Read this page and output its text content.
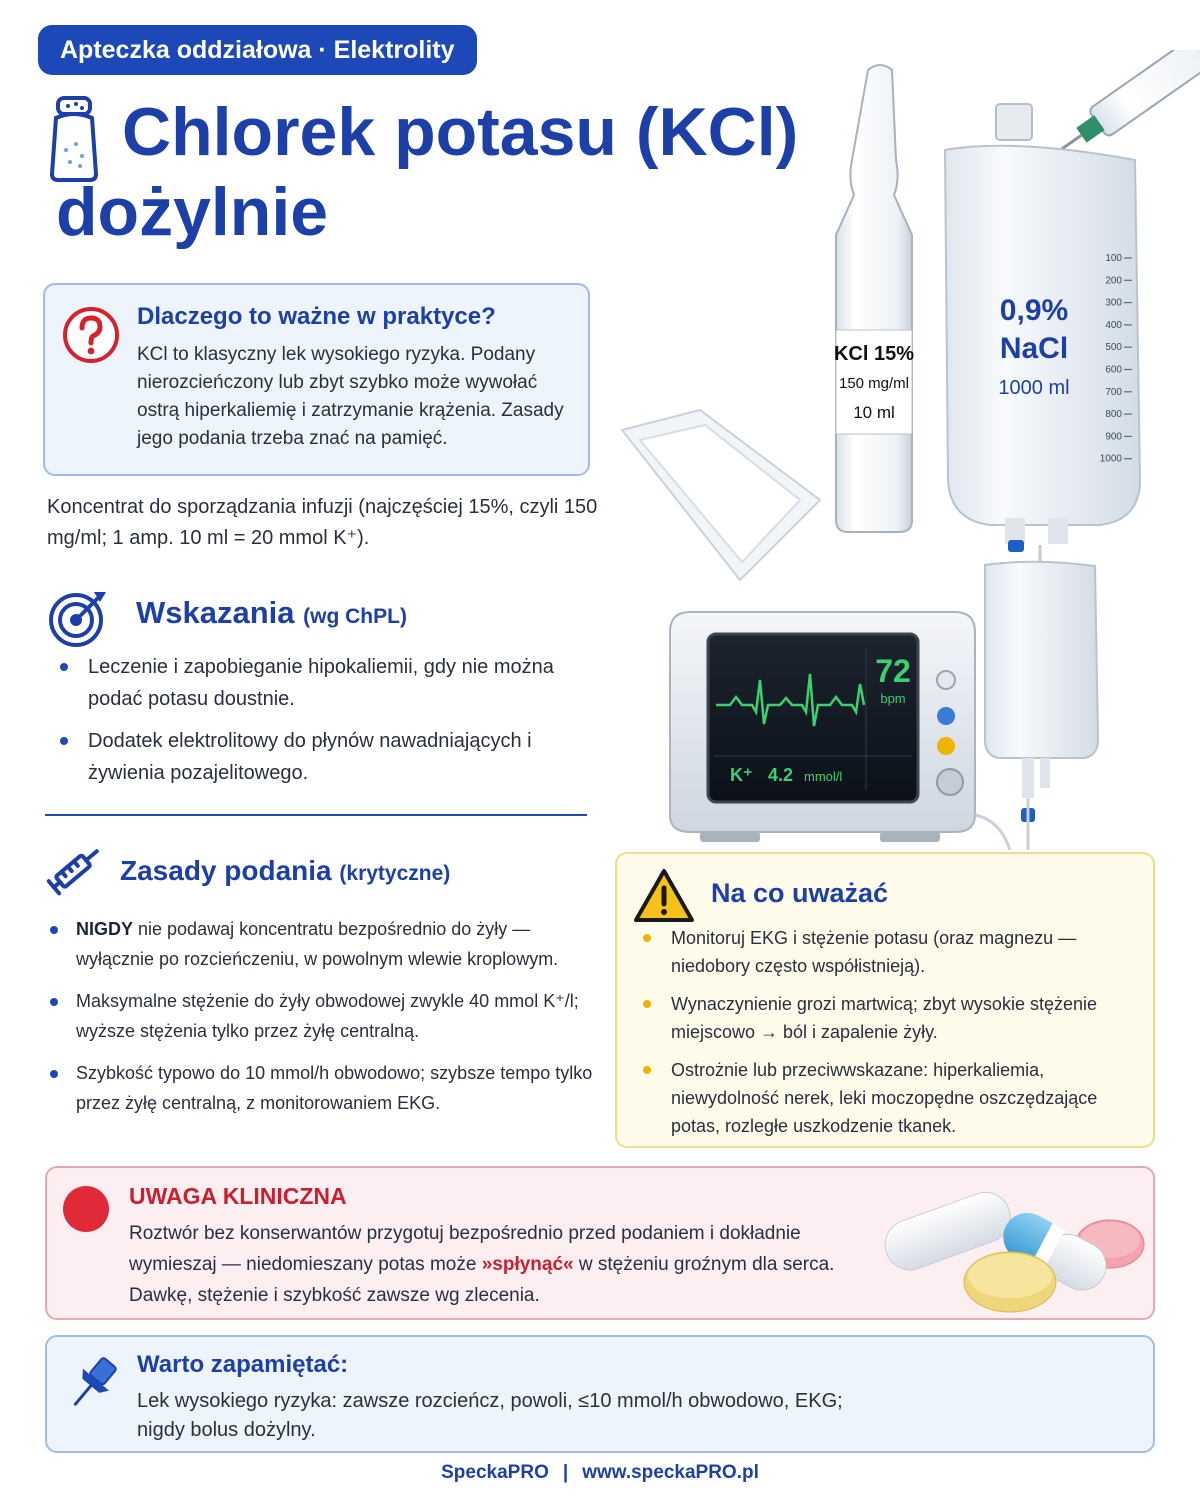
Apteczka oddziałowa · Elektrolity
Chlorek potasu (KCl) dożylnie
Dlaczego to ważne w praktyce?

KCl to klasyczny lek wysokiego ryzyka. Podany nierozcieńczony lub zbyt szybko może wywołać ostrą hiperkaliemię i zatrzymanie krążenia. Zasady jego podania trzeba znać na pamięć.

Koncentrat do sporządzania infuzji (najczęściej 15%, czyli 150 mg/ml; 1 amp. 10 ml = 20 mmol K⁺).

Wskazania (wg ChPL)
Leczenie i zapobieganie hipokaliemii, gdy nie można podać potasu doustnie.
Dodatek elektrolitowy do płynów nawadniających i żywienia pozajelitowego.
Zasady podania (krytyczne)
NIGDY nie podawaj koncentratu bezpośrednio do żyły — wyłącznie po rozcieńczeniu, w powolnym wlewie kroplowym.
Maksymalne stężenie do żyły obwodowej zwykle 40 mmol K⁺/l; wyższe stężenia tylko przez żyłę centralną.
Szybkość typowo do 10 mmol/h obwodowo; szybsze tempo tylko przez żyłę centralną, z monitorowaniem EKG.
Na co uważać
Monitoruj EKG i stężenie potasu (oraz magnezu — niedobory często współistnieją).
Wynaczynienie grozi martwicą; zbyt wysokie stężenie miejscowo → ból i zapalenie żyły.
Ostrożnie lub przeciwwskazane: hiperkaliemia, niewydolność nerek, leki moczopędne oszczędzające potas, rozległe uszkodzenie tkanek.
UWAGA KLINICZNA

Roztwór bez konserwantów przygotuj bezpośrednio przed podaniem i dokładnie wymieszaj — niedomieszany potas może »spłynąć« w stężeniu groźnym dla serca. Dawkę, stężenie i szybkość zawsze wg zlecenia.

Warto zapamiętać:

Lek wysokiego ryzyka: zawsze rozcieńcz, powoli, ≤10 mmol/h obwodowo, EKG; nigdy bolus dożylny.

SpeckaPRO | www.speckaPRO.pl
KCl 15%
150 mg/ml
10 ml
0,9%
NaCl
1000 ml
100
200
300
400
500
600
700
800
900
1000
72
bpm
K⁺ 4.2 mmol/l
